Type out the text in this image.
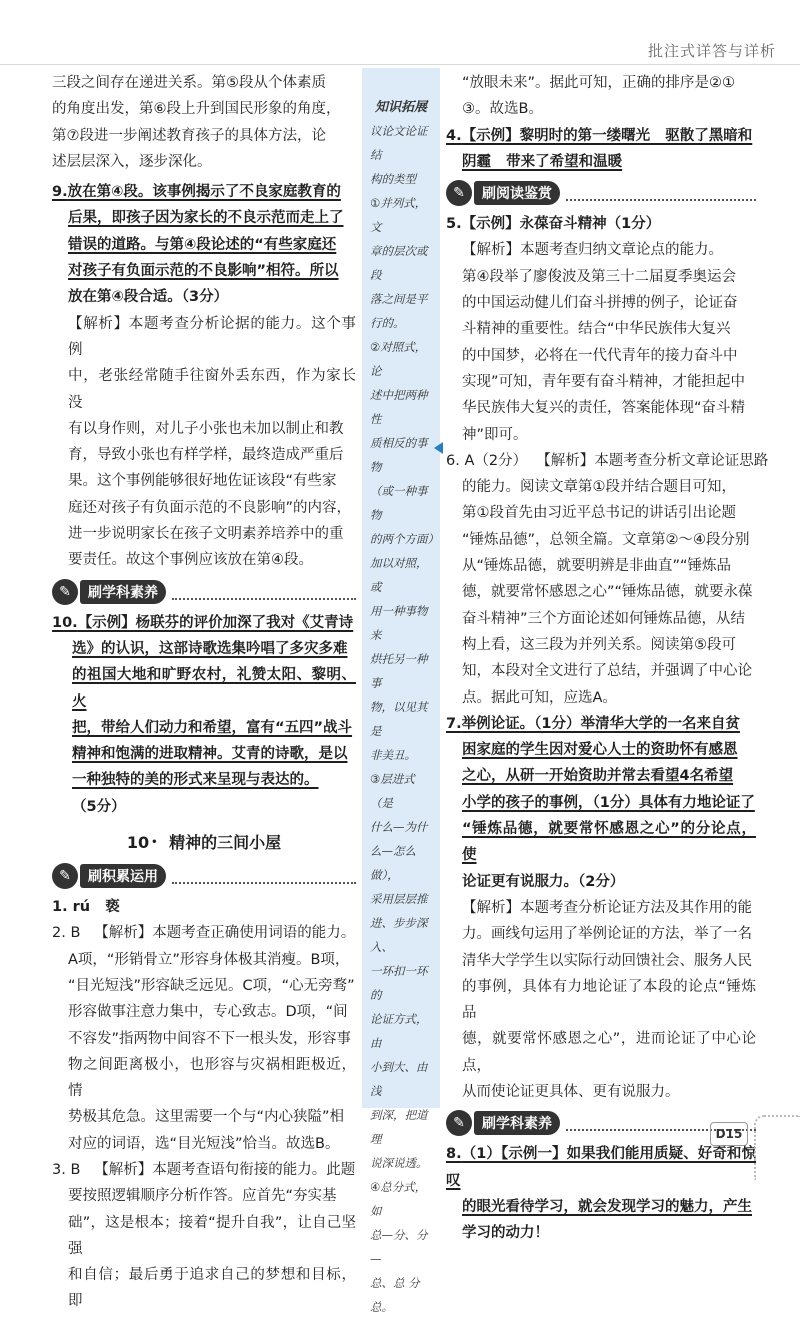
批注式详答与详析

三段之间存在递进关系。第⑤段从个体素质

的角度出发，第⑥段上升到国民形象的角度，

第⑦段进一步阐述教育孩子的具体方法，论

述层层深入，逐步深化。

9.放在第④段。该事例揭示了不良家庭教育的

后果，即孩子因为家长的不良示范而走上了

错误的道路。与第④段论述的“有些家庭还

对孩子有负面示范的不良影响”相符。所以

放在第④段合适。（3分）

【解析】本题考查分析论据的能力。这个事例

中，老张经常随手往窗外丢东西，作为家长没

有以身作则，对儿子小张也未加以制止和教

育，导致小张也有样学样，最终造成严重后

果。这个事例能够很好地佐证该段“有些家

庭还对孩子有负面示范的不良影响”的内容，

进一步说明家长在孩子文明素养培养中的重

要责任。故这个事例应该放在第④段。

✎	刷学科素养

10.【示例】杨联芬的评价加深了我对《艾青诗

选》的认识，这部诗歌选集吟唱了多灾多难

的祖国大地和旷野农村，礼赞太阳、黎明、火

把，带给人们动力和希望，富有“五四”战斗

精神和饱满的进取精神。艾青的诗歌，是以

一种独特的美的形式来呈现与表达的。

（5分）

10 • 精神的三间小屋
✎	刷积累运用

1. rú   亵

2. B   【解析】本题考查正确使用词语的能力。

A项，“形销骨立”形容身体极其消瘦。B项，

“目光短浅”形容缺乏远见。C项，“心无旁骛”

形容做事注意力集中，专心致志。D项，“间

不容发”指两物中间容不下一根头发，形容事

物之间距离极小，也形容与灾祸相距极近，情

势极其危急。这里需要一个与“内心狭隘”相

对应的词语，选“目光短浅”恰当。故选B。

3. B   【解析】本题考查语句衔接的能力。此题

要按照逻辑顺序分析作答。应首先“夯实基

础”，这是根本；接着“提升自我”，让自己坚强

和自信；最后勇于追求自己的梦想和目标，即

知识拓展
议论文论证结
构的类型
①并列式，文
章的层次或段
落之间是平
行的。
②对照式，论
述中把两种性
质相反的事物
（或一种事物
的两个方面）
加以对照，或
用一种事物来
烘托另一种事
物，以见其是
非美丑。
③层进式（是
什么—为什
么—怎么做），
采用层层推
进、步步深入、
一环扣一环的
论证方式，由
小到大、由浅
到深，把道理
说深说透。
④总分式，如
总—分、分—
总、总 分 总。

“放眼未来”。据此可知，正确的排序是②①

③。故选B。

4.【示例】黎明时的第一缕曙光   驱散了黑暗和

阴霾   带来了希望和温暖

✎	刷阅读鉴赏

5.【示例】永葆奋斗精神（1分）

【解析】本题考查归纳文章论点的能力。

第④段举了廖俊波及第三十二届夏季奥运会

的中国运动健儿们奋斗拼搏的例子，论证奋

斗精神的重要性。结合“中华民族伟大复兴

的中国梦，必将在一代代青年的接力奋斗中

实现”可知，青年要有奋斗精神，才能担起中

华民族伟大复兴的责任，答案能体现“奋斗精

神”即可。

6. A（2分）  【解析】本题考查分析文章论证思路

的能力。阅读文章第①段并结合题目可知，

第①段首先由习近平总书记的讲话引出论题

“锤炼品德”，总领全篇。文章第②～④段分别

从“锤炼品德，就要明辨是非曲直”“锤炼品

德，就要常怀感恩之心”“锤炼品德，就要永葆

奋斗精神”三个方面论述如何锤炼品德，从结

构上看，这三段为并列关系。阅读第⑤段可

知，本段对全文进行了总结，并强调了中心论

点。据此可知，应选A。

7.举例论证。（1分）举清华大学的一名来自贫

困家庭的学生因对爱心人士的资助怀有感恩

之心，从研一开始资助并常去看望4名希望

小学的孩子的事例，（1分）具体有力地论证了

“锤炼品德，就要常怀感恩之心”的分论点，使

论证更有说服力。（2分）

【解析】本题考查分析论证方法及其作用的能

力。画线句运用了举例论证的方法，举了一名

清华大学学生以实际行动回馈社会、服务人民

的事例，具体有力地论证了本段的论点“锤炼品

德，就要常怀感恩之心”，进而论证了中心论点，

从而使论证更具体、更有说服力。

✎	刷学科素养

8.（1）【示例一】如果我们能用质疑、好奇和惊叹

的眼光看待学习，就会发现学习的魅力，产生

学习的动力！

D15
